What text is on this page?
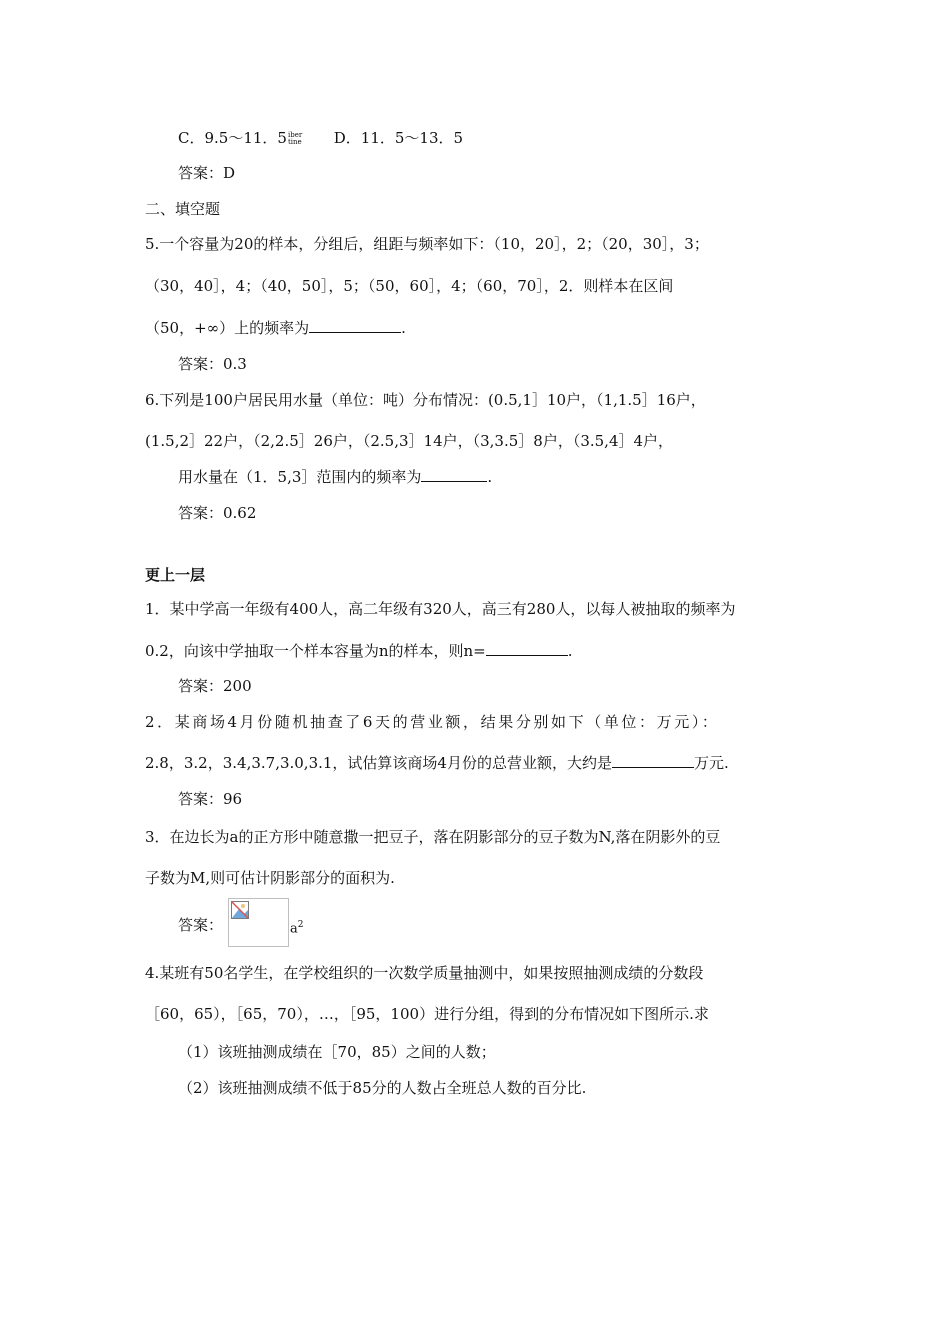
C．9.5～11．5 iber
tine D．11．5～13．5
答案：D
二、填空题
5.一个容量为20的样本，分组后，组距与频率如下：（10，20］，2；（20，30］，3；
（30，40］，4；（40，50］，5；（50，60］，4；（60，70］，2．则样本在区间
（50，+∞）上的频率为	.
答案：0.3
6.下列是100户居民用水量（单位：吨）分布情况：(0.5,1］10户，（1,1.5］16户，
(1.5,2］22户，（2,2.5］26户，（2.5,3］14户，（3,3.5］8户，（3.5,4］4户，
用水量在（1．5,3］范围内的频率为	.
答案：0.62
更上一层
1．某中学高一年级有400人，高二年级有320人，高三有280人，以每人被抽取的频率为
0.2，向该中学抽取一个样本容量为n的样本，则n=	.
答案：200
2．某商场4月份随机抽查了6天的营业额，结果分别如下（单位：万元）：
2.8，3.2，3.4,3.7,3.0,3.1，试估算该商场4月份的总营业额，大约是	万元.
答案：96
3．在边长为a的正方形中随意撒一把豆子，落在阴影部分的豆子数为N,落在阴影外的豆
子数为M,则可估计阴影部分的面积为.
答案：	$a^2$
4.某班有50名学生，在学校组织的一次数学质量抽测中，如果按照抽测成绩的分数段
［60，65），［65，70），…，［95，100）进行分组，得到的分布情况如下图所示.求
（1）该班抽测成绩在［70，85）之间的人数；
（2）该班抽测成绩不低于85分的人数占全班总人数的百分比.
